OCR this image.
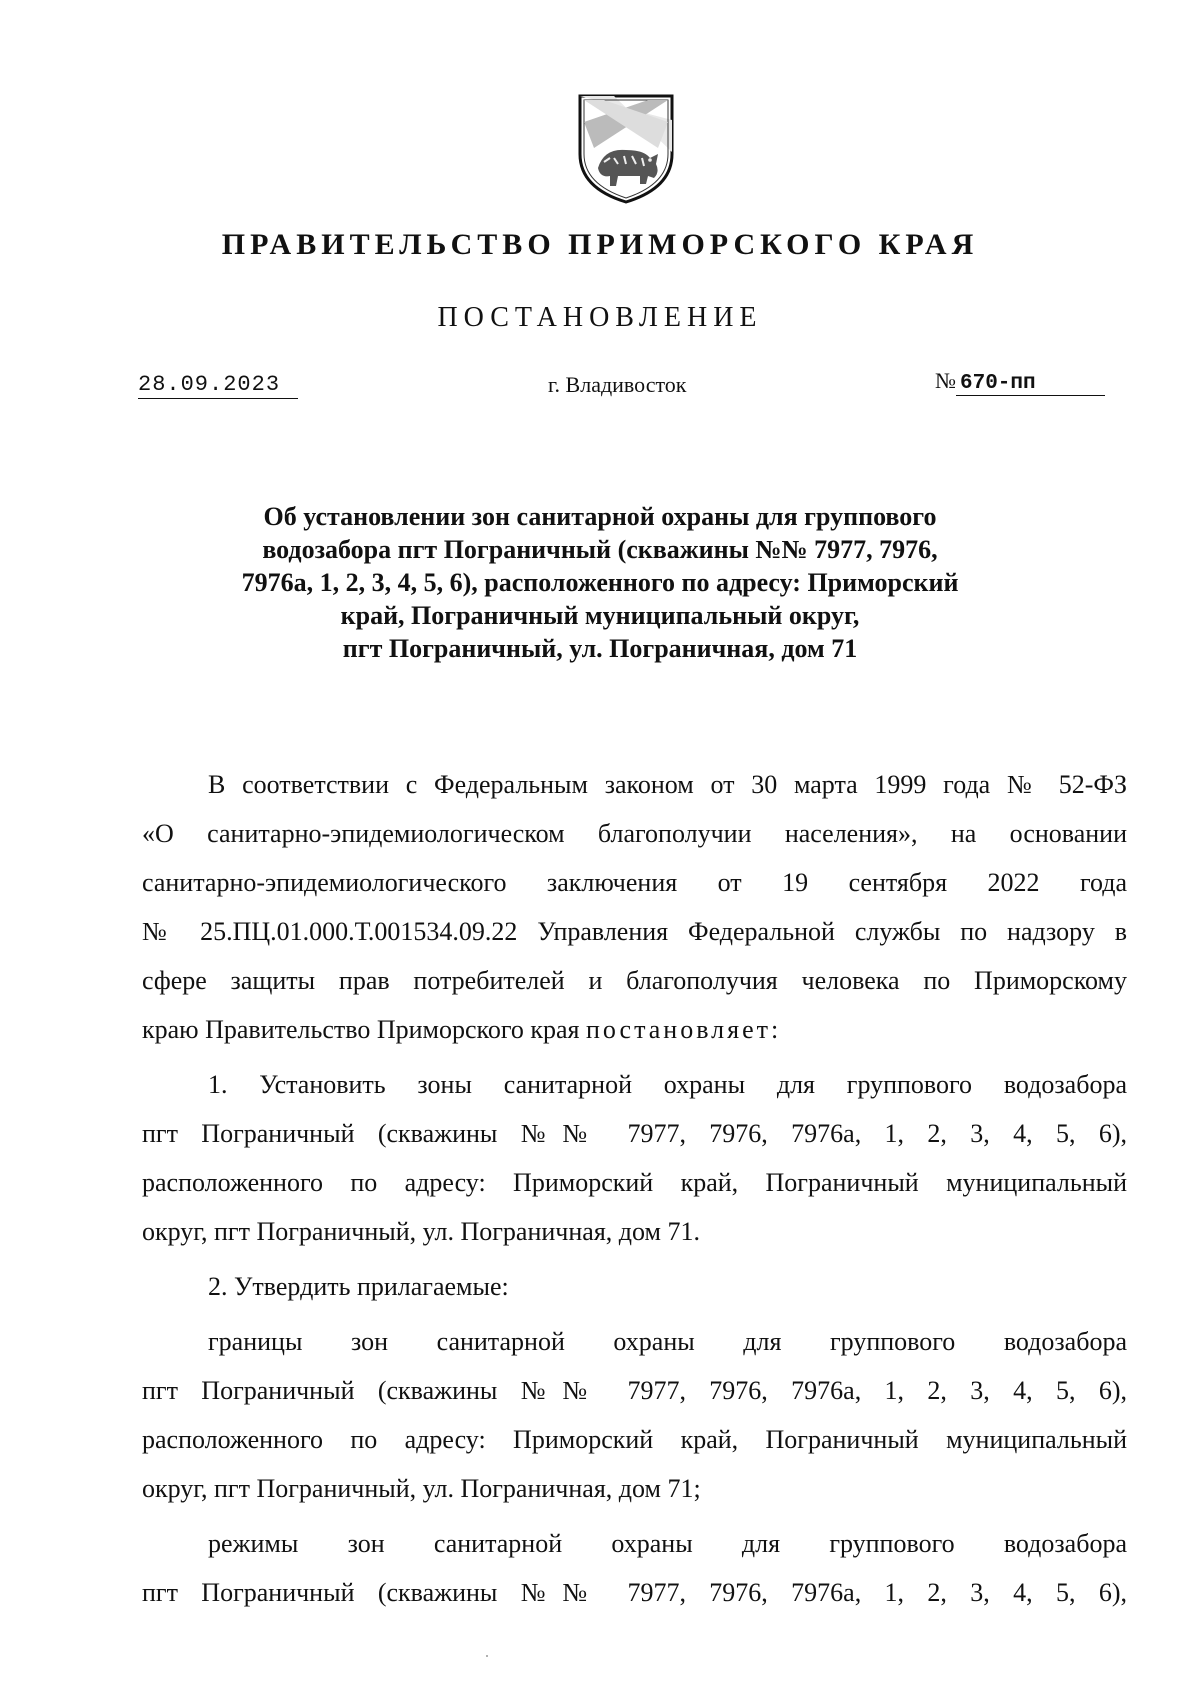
ПРАВИТЕЛЬСТВО ПРИМОРСКОГО КРАЯ
ПОСТАНОВЛЕНИЕ
28.09.2023	г. Владивосток	№ 670-пп
Об установлении зон санитарной охраны для группового
водозабора пгт Пограничный (скважины №№ 7977, 7976,
7976а, 1, 2, 3, 4, 5, 6), расположенного по адресу: Приморский
край, Пограничный муниципальный округ,
пгт Пограничный, ул. Пограничная, дом 71
В соответствии с Федеральным законом от 30 марта 1999 года № 52-ФЗ
«О санитарно-эпидемиологическом благополучии населения», на основании
санитарно-эпидемиологического заключения от 19 сентября 2022 года
№ 25.ПЦ.01.000.Т.001534.09.22 Управления Федеральной службы по надзору в
сфере защиты прав потребителей и благополучия человека по Приморскому
краю Правительство Приморского края постановляет:
1. Установить зоны санитарной охраны для группового водозабора
пгт Пограничный (скважины №№ 7977, 7976, 7976а, 1, 2, 3, 4, 5, 6),
расположенного по адресу: Приморский край, Пограничный муниципальный
округ, пгт Пограничный, ул. Пограничная, дом 71.
2. Утвердить прилагаемые:
границы зон санитарной охраны для группового водозабора
пгт Пограничный (скважины №№ 7977, 7976, 7976а, 1, 2, 3, 4, 5, 6),
расположенного по адресу: Приморский край, Пограничный муниципальный
округ, пгт Пограничный, ул. Пограничная, дом 71;
режимы зон санитарной охраны для группового водозабора
пгт Пограничный (скважины №№ 7977, 7976, 7976а, 1, 2, 3, 4, 5, 6),
